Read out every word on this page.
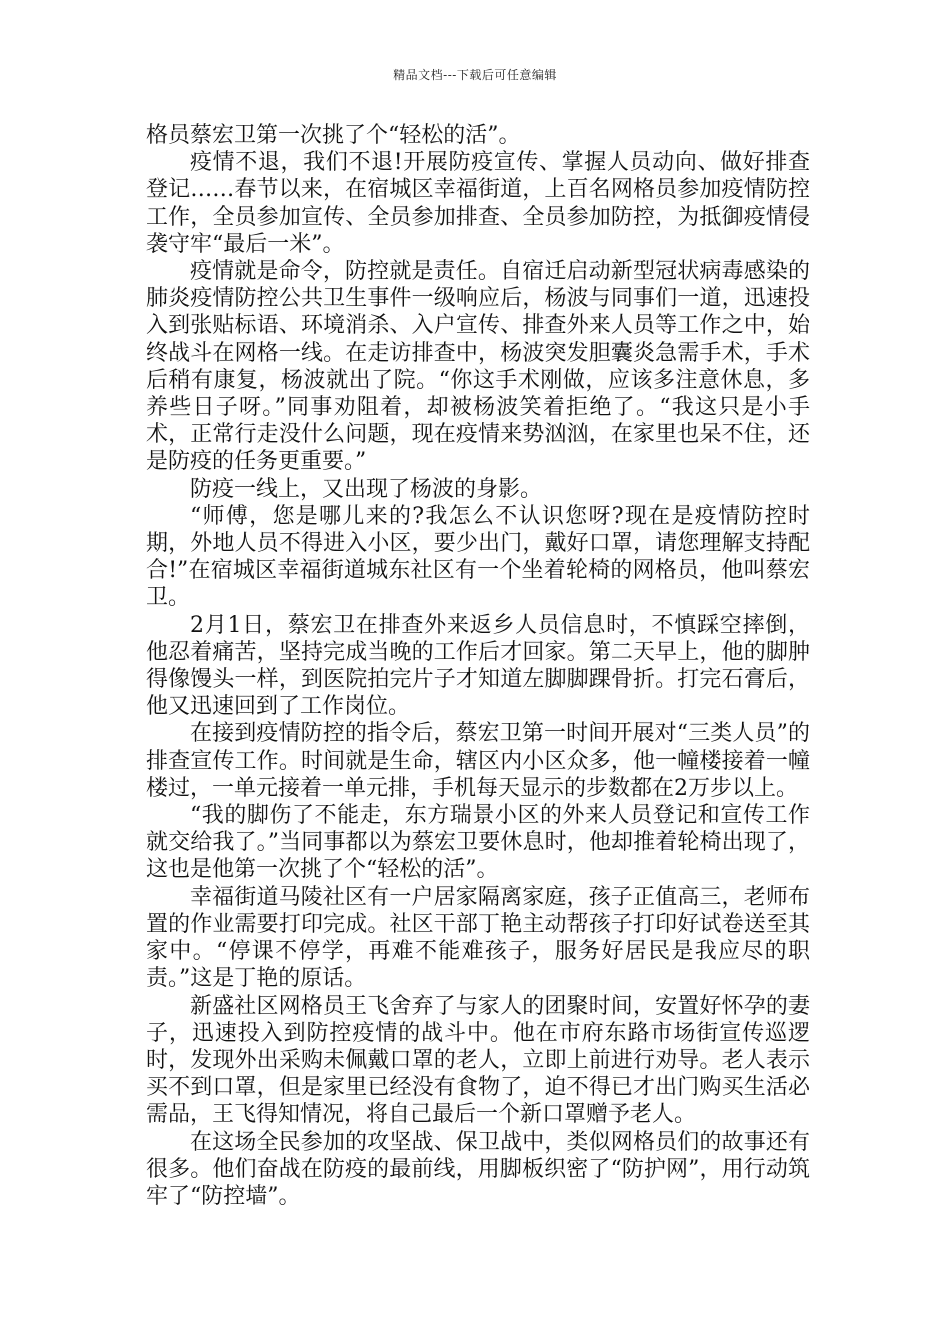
精品文档---下载后可任意编辑

格员蔡宏卫第一次挑了个“轻松的活”。

疫情不退，我们不退!开展防疫宣传、掌握人员动向、做好排查登记……春节以来，在宿城区幸福街道，上百名网格员参加疫情防控工作，全员参加宣传、全员参加排查、全员参加防控，为抵御疫情侵袭守牢“最后一米”。

疫情就是命令，防控就是责任。自宿迁启动新型冠状病毒感染的肺炎疫情防控公共卫生事件一级响应后，杨波与同事们一道，迅速投入到张贴标语、环境消杀、入户宣传、排查外来人员等工作之中，始终战斗在网格一线。在走访排查中，杨波突发胆囊炎急需手术，手术后稍有康复，杨波就出了院。“你这手术刚做，应该多注意休息，多养些日子呀。”同事劝阻着，却被杨波笑着拒绝了。“我这只是小手术，正常行走没什么问题，现在疫情来势汹汹，在家里也呆不住，还是防疫的任务更重要。”

防疫一线上，又出现了杨波的身影。

“师傅，您是哪儿来的?我怎么不认识您呀?现在是疫情防控时期，外地人员不得进入小区，要少出门，戴好口罩，请您理解支持配合!”在宿城区幸福街道城东社区有一个坐着轮椅的网格员，他叫蔡宏卫。

2月1日，蔡宏卫在排查外来返乡人员信息时，不慎踩空摔倒，他忍着痛苦，坚持完成当晚的工作后才回家。第二天早上，他的脚肿得像馒头一样，到医院拍完片子才知道左脚脚踝骨折。打完石膏后，他又迅速回到了工作岗位。

在接到疫情防控的指令后，蔡宏卫第一时间开展对“三类人员”的排查宣传工作。时间就是生命，辖区内小区众多，他一幢楼接着一幢楼过，一单元接着一单元排，手机每天显示的步数都在2万步以上。

“我的脚伤了不能走，东方瑞景小区的外来人员登记和宣传工作就交给我了。”当同事都以为蔡宏卫要休息时，他却推着轮椅出现了，这也是他第一次挑了个“轻松的活”。

幸福街道马陵社区有一户居家隔离家庭，孩子正值高三，老师布置的作业需要打印完成。社区干部丁艳主动帮孩子打印好试卷送至其家中。“停课不停学，再难不能难孩子，服务好居民是我应尽的职责。”这是丁艳的原话。

新盛社区网格员王飞舍弃了与家人的团聚时间，安置好怀孕的妻子，迅速投入到防控疫情的战斗中。他在市府东路市场街宣传巡逻时，发现外出采购未佩戴口罩的老人，立即上前进行劝导。老人表示买不到口罩，但是家里已经没有食物了，迫不得已才出门购买生活必需品，王飞得知情况，将自己最后一个新口罩赠予老人。

在这场全民参加的攻坚战、保卫战中，类似网格员们的故事还有很多。他们奋战在防疫的最前线，用脚板织密了“防护网”，用行动筑牢了“防控墙”。
